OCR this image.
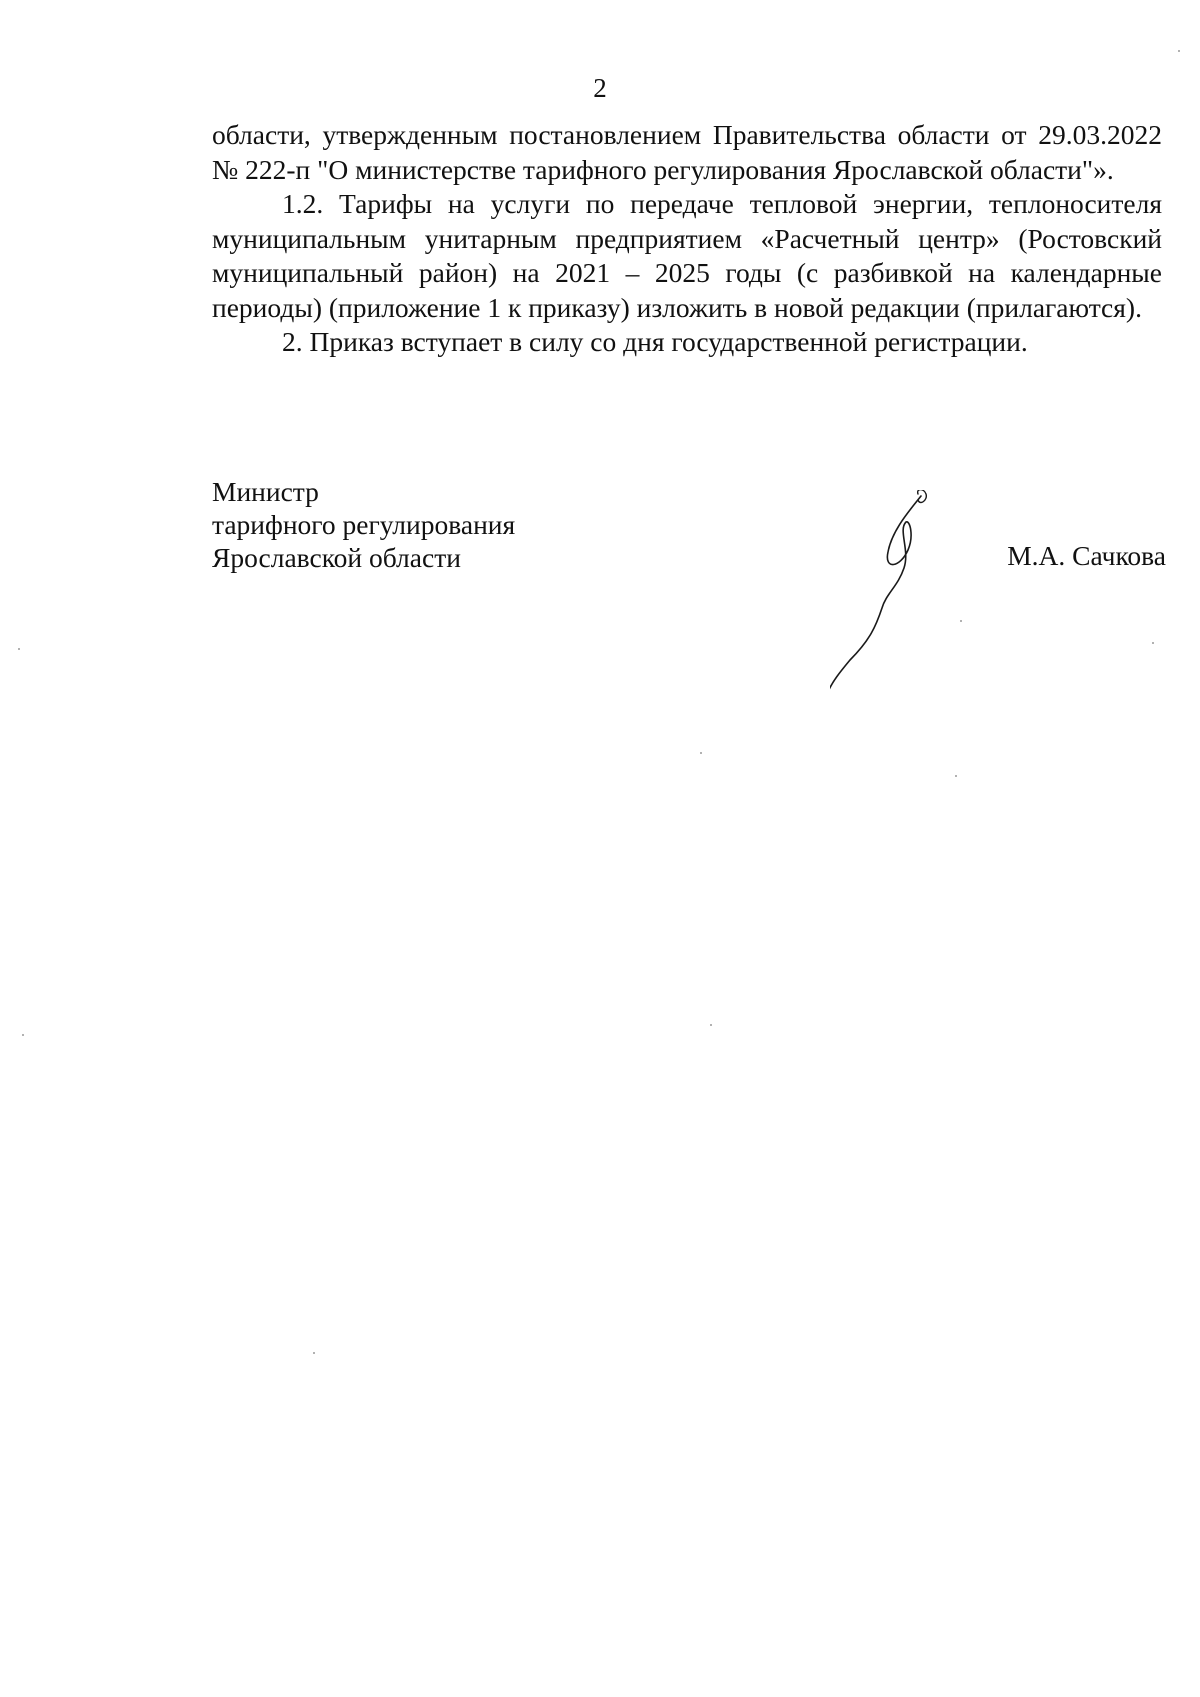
2

области, утвержденным постановлением Правительства области от 29.03.2022 № 222-п "О министерстве тарифного регулирования Ярославской области"».

1.2. Тарифы на услуги по передаче тепловой энергии, теплоносителя муниципальным унитарным предприятием «Расчетный центр» (Ростовский муниципальный район) на 2021 – 2025 годы (с разбивкой на календарные периоды) (приложение 1 к приказу) изложить в новой редакции (прилагаются).

2. Приказ вступает в силу со дня государственной регистрации.

Министр
тарифного регулирования
Ярославской области	М.А. Сачкова
